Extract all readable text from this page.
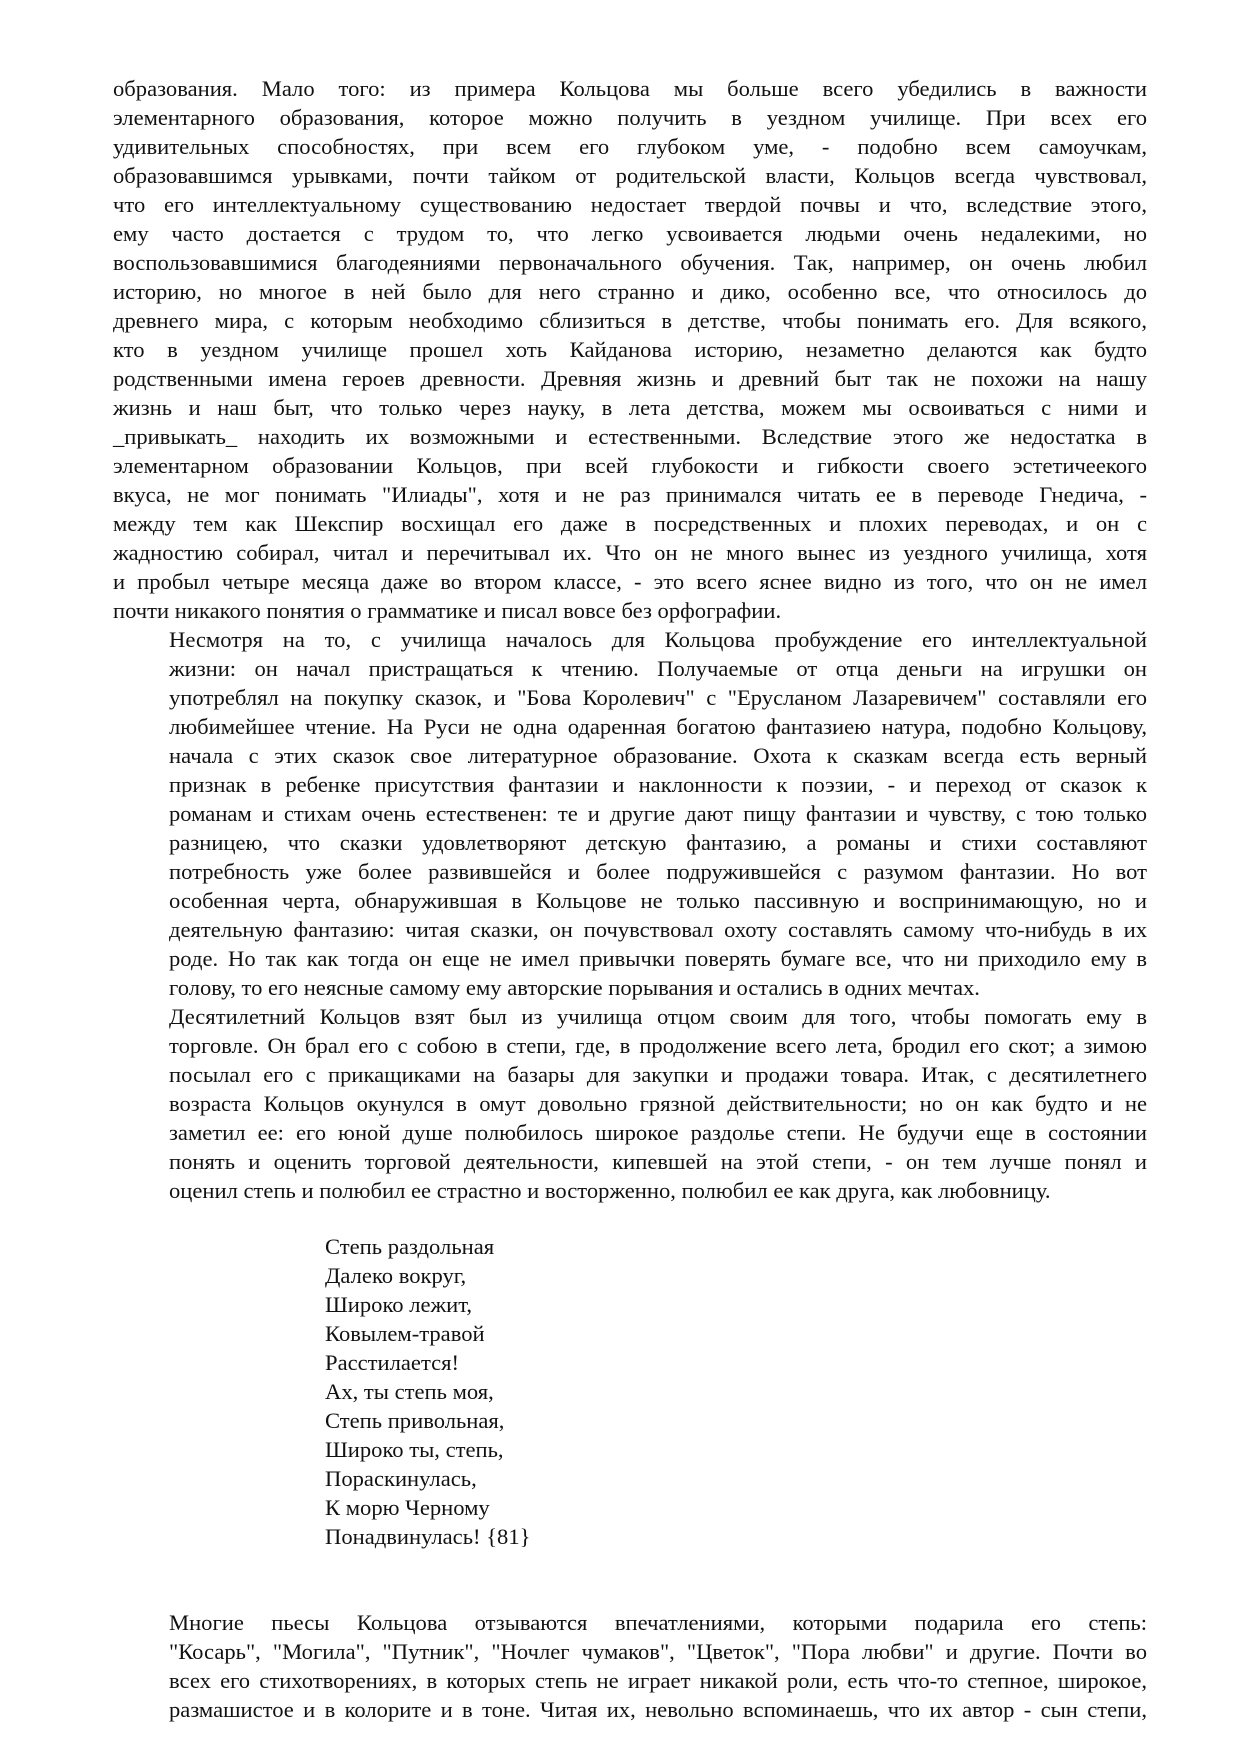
образования. Мало того: из примера Кольцова мы больше всего убедились в важности
элементарного образования, которое можно получить в уездном училище. При всех его
удивительных способностях, при всем его глубоком уме, - подобно всем самоучкам,
образовавшимся урывками, почти тайком от родительской власти, Кольцов всегда чувствовал,
что его интеллектуальному существованию недостает твердой почвы и что, вследствие этого,
ему часто достается с трудом то, что легко усвоивается людьми очень недалекими, но
воспользовавшимися благодеяниями первоначального обучения. Так, например, он очень любил
историю, но многое в ней было для него странно и дико, особенно все, что относилось до
древнего мира, с которым необходимо сблизиться в детстве, чтобы понимать его. Для всякого,
кто в уездном училище прошел хоть Кайданова историю, незаметно делаются как будто
родственными имена героев древности. Древняя жизнь и древний быт так не похожи на нашу
жизнь и наш быт, что только через науку, в лета детства, можем мы освоиваться с ними и
_привыкать_ находить их возможными и естественными. Вследствие этого же недостатка в
элементарном образовании Кольцов, при всей глубокости и гибкости своего эстетичеекого
вкуса, не мог понимать "Илиады", хотя и не раз принимался читать ее в переводе Гнедича, -
между тем как Шекспир восхищал его даже в посредственных и плохих переводах, и он с
жадностию собирал, читал и перечитывал их. Что он не много вынес из уездного училища, хотя
и пробыл четыре месяца даже во втором классе, - это всего яснее видно из того, что он не имел
почти никакого понятия о грамматике и писал вовсе без орфографии.

Несмотря на то, с училища началось для Кольцова пробуждение его интеллектуальной
жизни: он начал пристращаться к чтению. Получаемые от отца деньги на игрушки он
употреблял на покупку сказок, и "Бова Королевич" с "Ерусланом Лазаревичем" составляли его
любимейшее чтение. На Руси не одна одаренная богатою фантазиею натура, подобно Кольцову,
начала с этих сказок свое литературное образование. Охота к сказкам всегда есть верный
признак в ребенке присутствия фантазии и наклонности к поэзии, - и переход от сказок к
романам и стихам очень естественен: те и другие дают пищу фантазии и чувству, с тою только
разницею, что сказки удовлетворяют детскую фантазию, а романы и стихи составляют
потребность уже более развившейся и более подружившейся с разумом фантазии. Но вот
особенная черта, обнаружившая в Кольцове не только пассивную и воспринимающую, но и
деятельную фантазию: читая сказки, он почувствовал охоту составлять самому что-нибудь в их
роде. Но так как тогда он еще не имел привычки поверять бумаге все, что ни приходило ему в
голову, то его неясные самому ему авторские порывания и остались в одних мечтах.

Десятилетний Кольцов взят был из училища отцом своим для того, чтобы помогать ему в
торговле. Он брал его с собою в степи, где, в продолжение всего лета, бродил его скот; а зимою
посылал его с прикащиками на базары для закупки и продажи товара. Итак, с десятилетнего
возраста Кольцов окунулся в омут довольно грязной действительности; но он как будто и не
заметил ее: его юной душе полюбилось широкое раздолье степи. Не будучи еще в состоянии
понять и оценить торговой деятельности, кипевшей на этой степи, - он тем лучше понял и
оценил степь и полюбил ее страстно и восторженно, полюбил ее как друга, как любовницу.

Степь раздольная
Далеко вокруг,
Широко лежит,
Ковылем-травой
Расстилается!
Ах, ты степь моя,
Степь привольная,
Широко ты, степь,
Пораскинулась,
К морю Черному
Понадвинулась! {81}

Многие пьесы Кольцова отзываются впечатлениями, которыми подарила его степь:
"Косарь", "Могила", "Путник", "Ночлег чумаков", "Цветок", "Пора любви" и другие. Почти во
всех его стихотворениях, в которых степь не играет никакой роли, есть что-то степное, широкое,
размашистое и в колорите и в тоне. Читая их, невольно вспоминаешь, что их автор - сын степи,
